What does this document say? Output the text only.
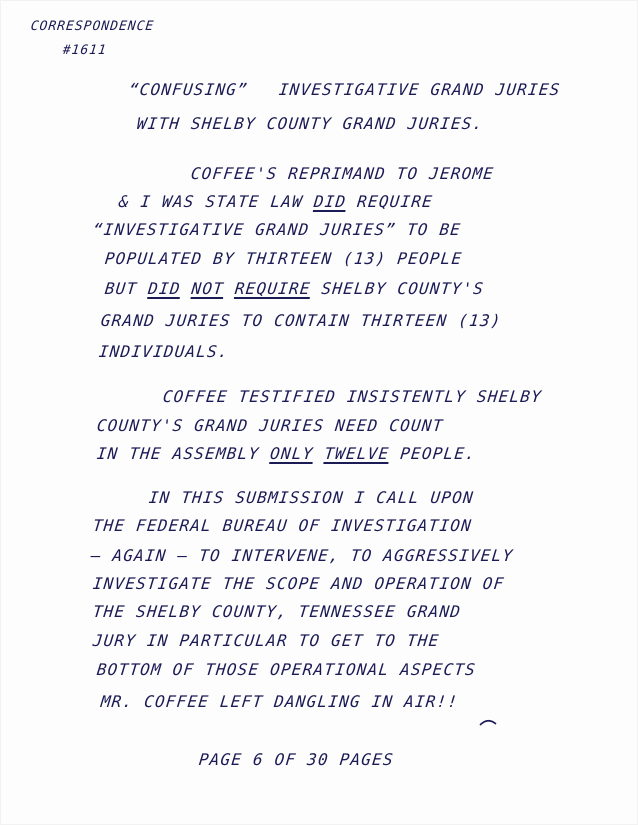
CORRESPONDENCE
#1611
“CONFUSING” INVESTIGATIVE GRAND JURIES
WITH SHELBY COUNTY GRAND JURIES.
COFFEE'S REPRIMAND TO JEROME
& I WAS STATE LAW DID REQUIRE
“INVESTIGATIVE GRAND JURIES” TO BE
POPULATED BY THIRTEEN (13) PEOPLE
BUT DID NOT REQUIRE SHELBY COUNTY'S
GRAND JURIES TO CONTAIN THIRTEEN (13)
INDIVIDUALS.
COFFEE TESTIFIED INSISTENTLY SHELBY
COUNTY'S GRAND JURIES NEED COUNT
IN THE ASSEMBLY ONLY TWELVE PEOPLE.
IN THIS SUBMISSION I CALL UPON
THE FEDERAL BUREAU OF INVESTIGATION
— AGAIN — TO INTERVENE, TO AGGRESSIVELY
INVESTIGATE THE SCOPE AND OPERATION OF
THE SHELBY COUNTY, TENNESSEE GRAND
JURY IN PARTICULAR TO GET TO THE
BOTTOM OF THOSE OPERATIONAL ASPECTS
MR. COFFEE LEFT DANGLING IN AIR!!
PAGE 6 OF 30 PAGES
